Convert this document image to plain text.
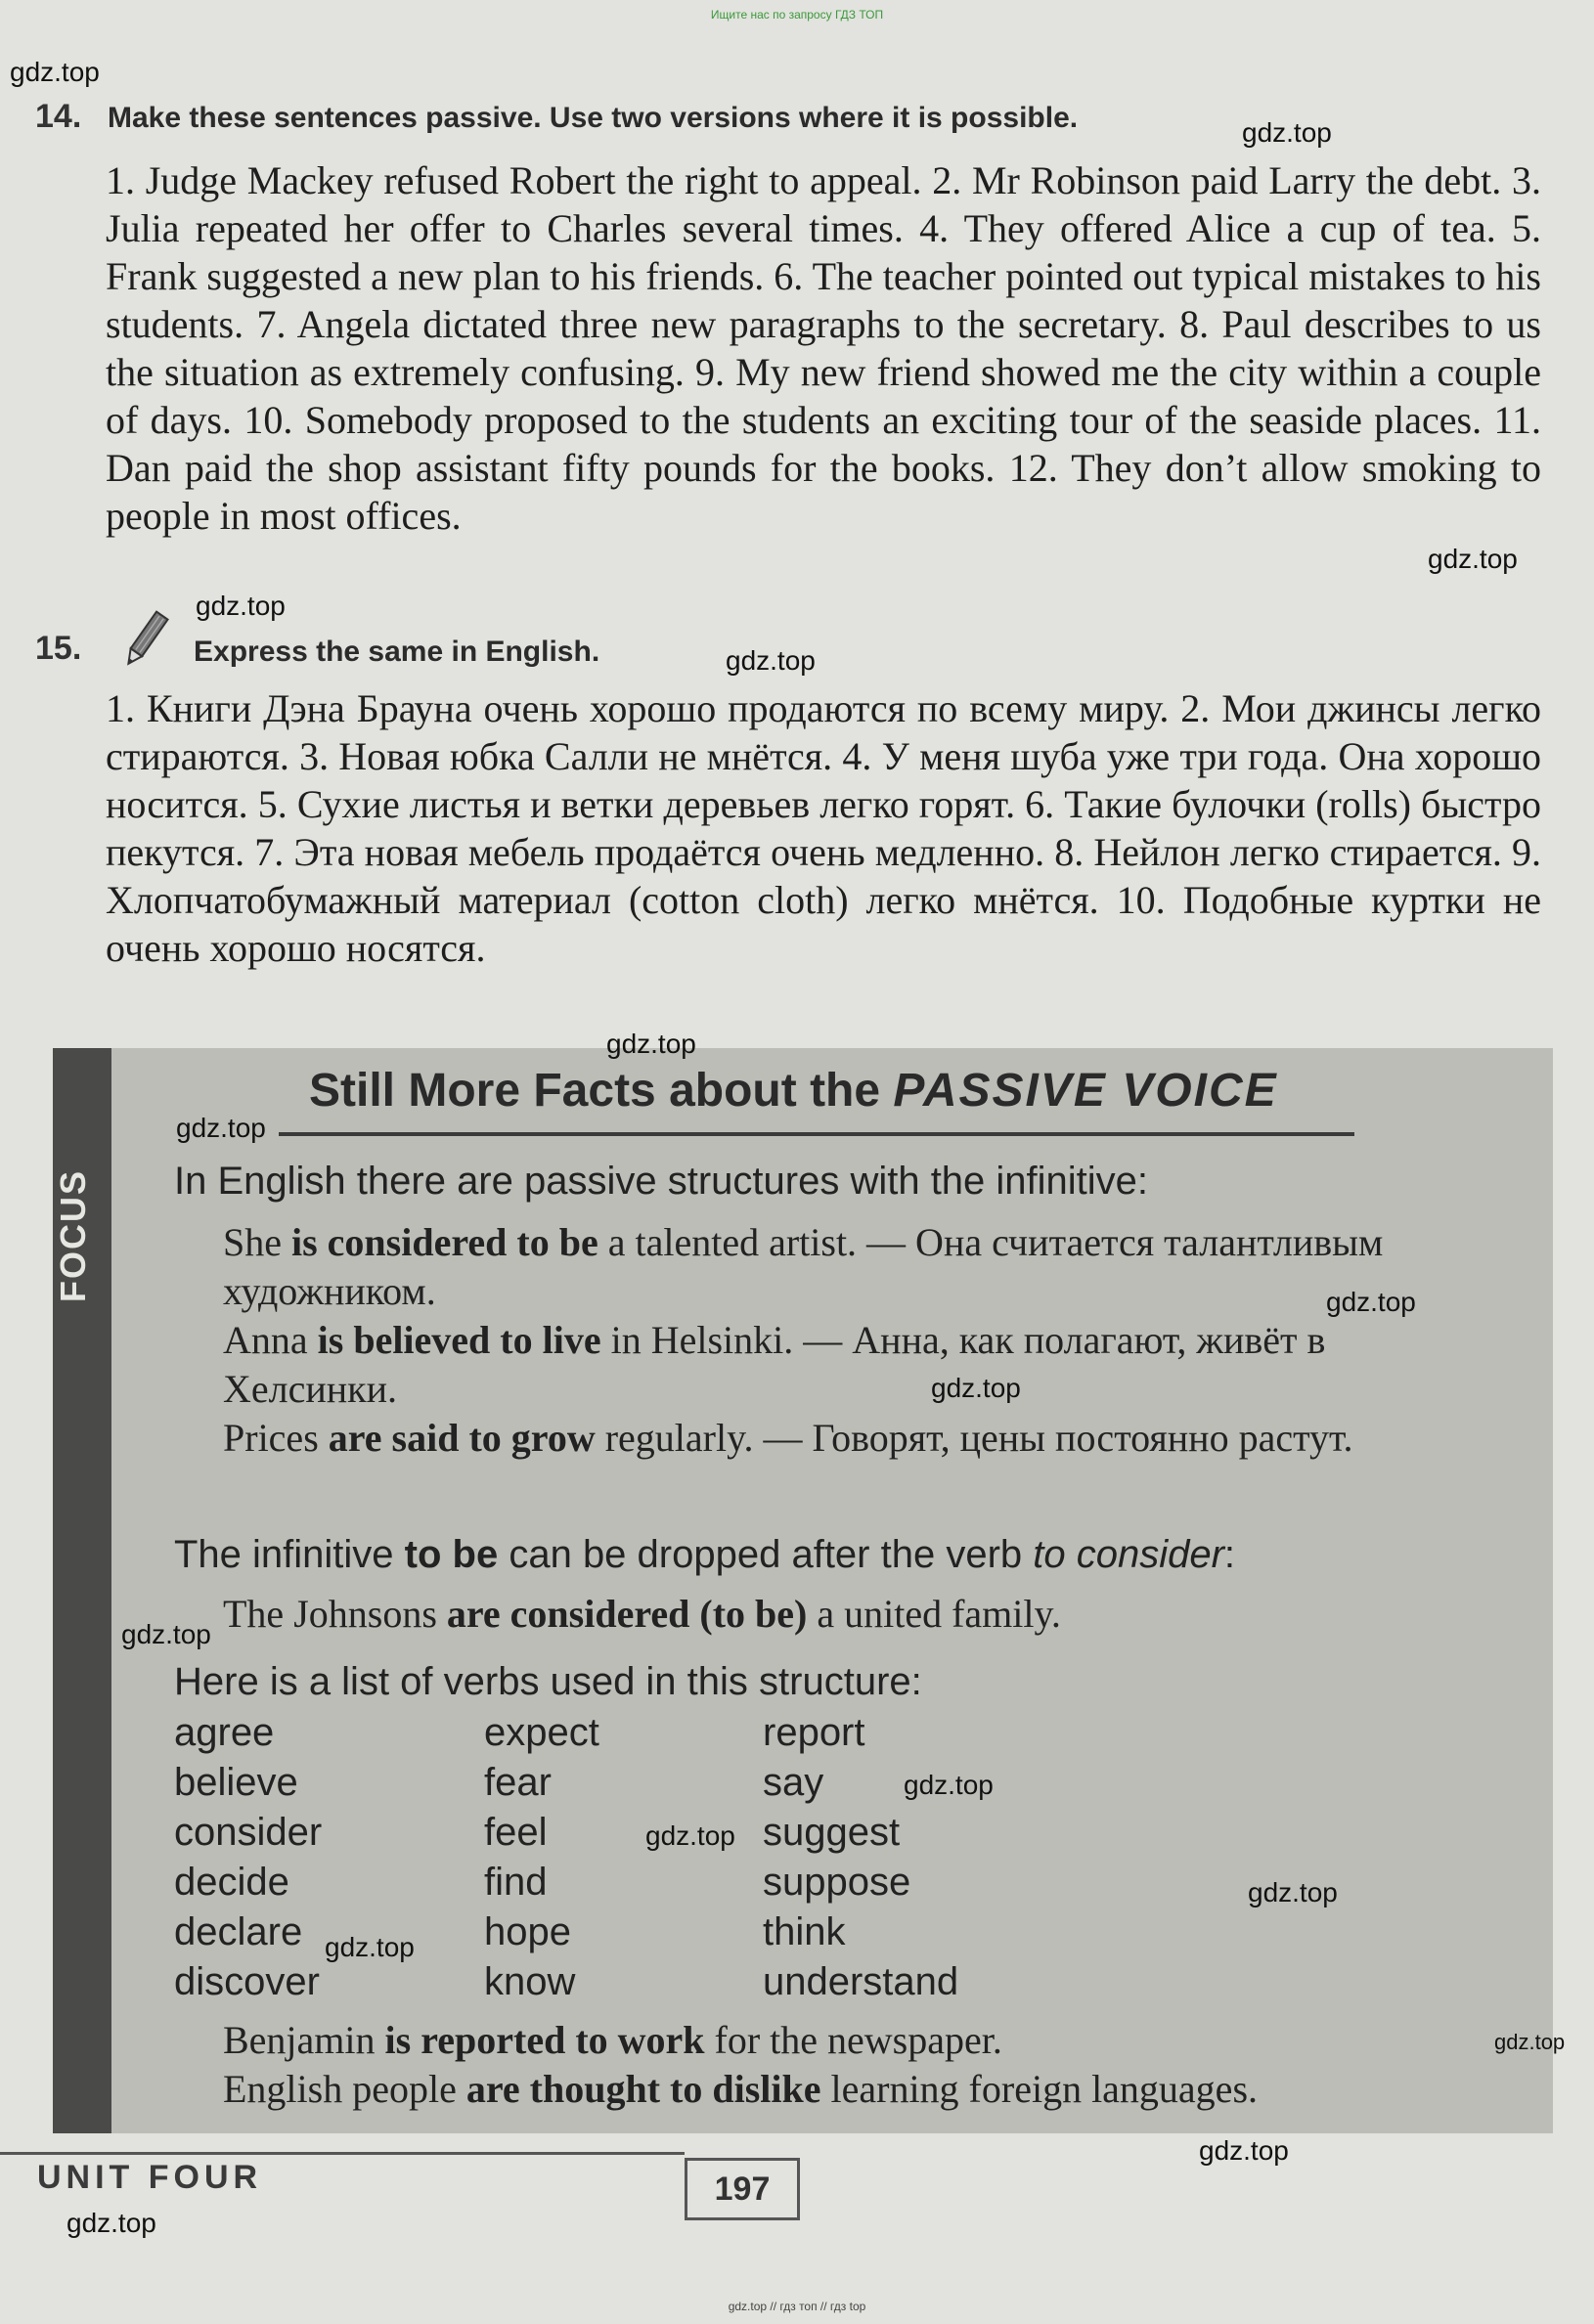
Ищите нас по запросу ГДЗ ТОП
14. Make these sentences passive. Use two versions where it is possible.
1. Judge Mackey refused Robert the right to appeal. 2. Mr Robinson paid Larry the debt. 3. Julia repeated her offer to Charles several times. 4. They offered Alice a cup of tea. 5. Frank suggested a new plan to his friends. 6. The teacher pointed out typical mistakes to his students. 7. Angela dictated three new paragraphs to the secretary. 8. Paul describes to us the situation as extremely confusing. 9. My new friend showed me the city within a couple of days. 10. Somebody proposed to the students an exciting tour of the seaside places. 11. Dan paid the shop assistant fifty pounds for the books. 12. They don’t allow smoking to people in most offices.
15.	Express the same in English.
1. Книги Дэна Брауна очень хорошо продаются по всему миру. 2. Мои джинсы легко стираются. 3. Новая юбка Салли не мнётся. 4. У меня шуба уже три года. Она хорошо носится. 5. Сухие листья и ветки деревьев легко горят. 6. Такие булочки (rolls) быстро пекутся. 7. Эта новая мебель продаётся очень медленно. 8. Нейлон легко стирается. 9. Хлопчатобумажный материал (cotton cloth) легко мнётся. 10. Подобные куртки не очень хорошо носятся.
FOCUS
Still More Facts about the PASSIVE VOICE
In English there are passive structures with the infinitive:
She is considered to be a talented artist. — Она считается талантливым художником.
Anna is believed to live in Helsinki. — Анна, как полагают, живёт в Хелсинки.
Prices are said to grow regularly. — Говорят, цены постоянно растут.
The infinitive to be can be dropped after the verb to consider:
The Johnsons are considered (to be) a united family.
Here is a list of verbs used in this structure:
agree
believe
consider
decide
declare
discover
expect
fear
feel
find
hope
know
report
say
suggest
suppose
think
understand
Benjamin is reported to work for the newspaper.
English people are thought to dislike learning foreign languages.
UNIT FOUR	197
gdz.top
gdz.top
gdz.top
gdz.top
gdz.top
gdz.top
gdz.top
gdz.top
gdz.top
gdz.top
gdz.top
gdz.top
gdz.top
gdz.top
gdz.top
gdz.top
gdz.top
gdz.top // гдз топ // гдз top
